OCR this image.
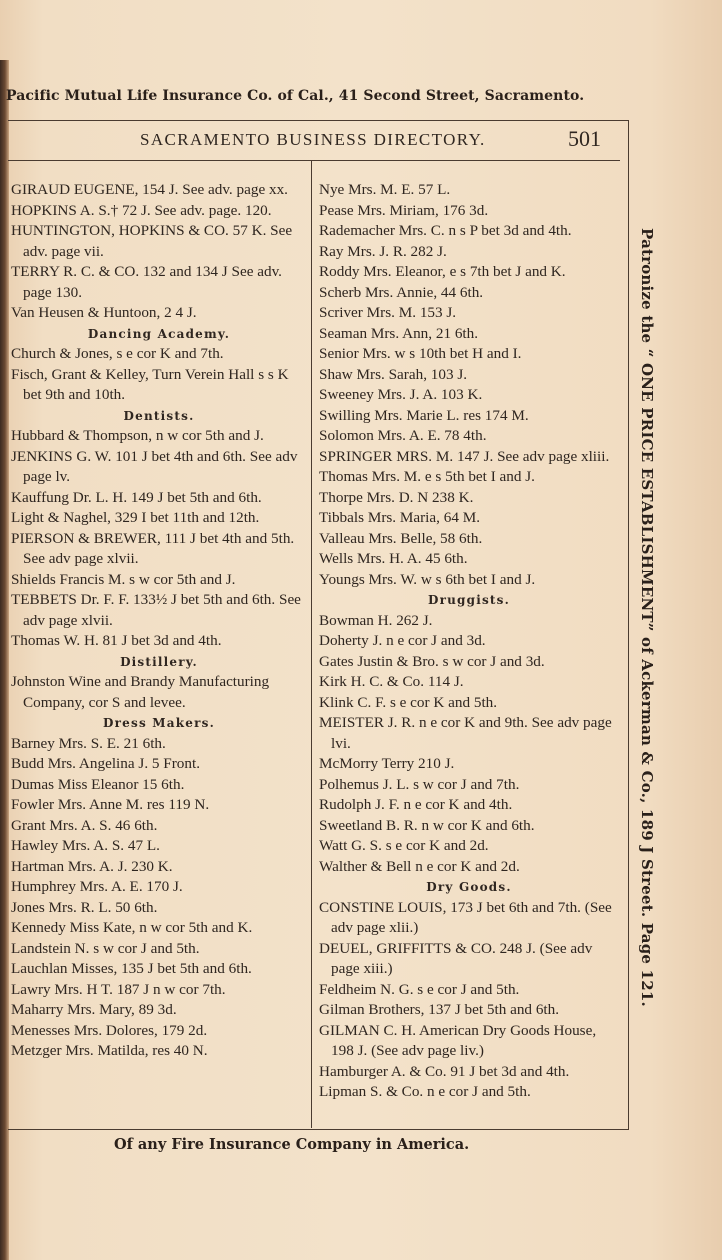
Pacific Mutual Life Insurance Co. of Cal., 41 Second Street, Sacramento.
SACRAMENTO BUSINESS DIRECTORY.	501
GIRAUD EUGENE, 154 J. See adv. page xx.
HOPKINS A. S.† 72 J. See adv. page. 120.
HUNTINGTON, HOPKINS & CO. 57 K. See adv. page vii.
TERRY R. C. & CO. 132 and 134 J See adv. page 130.
Van Heusen & Huntoon, 2 4 J.
Dancing Academy.
Church & Jones, s e cor K and 7th.
Fisch, Grant & Kelley, Turn Verein Hall s s K bet 9th and 10th.
Dentists.
Hubbard & Thompson, n w cor 5th and J.
JENKINS G. W. 101 J bet 4th and 6th. See adv page lv.
Kauffung Dr. L. H. 149 J bet 5th and 6th.
Light & Naghel, 329 I bet 11th and 12th.
PIERSON & BREWER, 111 J bet 4th and 5th. See adv page xlvii.
Shields Francis M. s w cor 5th and J.
TEBBETS Dr. F. F. 133½ J bet 5th and 6th. See adv page xlvii.
Thomas W. H. 81 J bet 3d and 4th.
Distillery.
Johnston Wine and Brandy Manufacturing Company, cor S and levee.
Dress Makers.
Barney Mrs. S. E. 21 6th.
Budd Mrs. Angelina J. 5 Front.
Dumas Miss Eleanor 15 6th.
Fowler Mrs. Anne M. res 119 N.
Grant Mrs. A. S. 46 6th.
Hawley Mrs. A. S. 47 L.
Hartman Mrs. A. J. 230 K.
Humphrey Mrs. A. E. 170 J.
Jones Mrs. R. L. 50 6th.
Kennedy Miss Kate, n w cor 5th and K.
Landstein N. s w cor J and 5th.
Lauchlan Misses, 135 J bet 5th and 6th.
Lawry Mrs. H T. 187 J n w cor 7th.
Maharry Mrs. Mary, 89 3d.
Menesses Mrs. Dolores, 179 2d.
Metzger Mrs. Matilda, res 40 N.
Nye Mrs. M. E. 57 L.
Pease Mrs. Miriam, 176 3d.
Rademacher Mrs. C. n s P bet 3d and 4th.
Ray Mrs. J. R. 282 J.
Roddy Mrs. Eleanor, e s 7th bet J and K.
Scherb Mrs. Annie, 44 6th.
Scriver Mrs. M. 153 J.
Seaman Mrs. Ann, 21 6th.
Senior Mrs. w s 10th bet H and I.
Shaw Mrs. Sarah, 103 J.
Sweeney Mrs. J. A. 103 K.
Swilling Mrs. Marie L. res 174 M.
Solomon Mrs. A. E. 78 4th.
SPRINGER MRS. M. 147 J. See adv page xliii.
Thomas Mrs. M. e s 5th bet I and J.
Thorpe Mrs. D. N 238 K.
Tibbals Mrs. Maria, 64 M.
Valleau Mrs. Belle, 58 6th.
Wells Mrs. H. A. 45 6th.
Youngs Mrs. W. w s 6th bet I and J.
Druggists.
Bowman H. 262 J.
Doherty J. n e cor J and 3d.
Gates Justin & Bro. s w cor J and 3d.
Kirk H. C. & Co. 114 J.
Klink C. F. s e cor K and 5th.
MEISTER J. R. n e cor K and 9th. See adv page lvi.
McMorry Terry 210 J.
Polhemus J. L. s w cor J and 7th.
Rudolph J. F. n e cor K and 4th.
Sweetland B. R. n w cor K and 6th.
Watt G. S. s e cor K and 2d.
Walther & Bell n e cor K and 2d.
Dry Goods.
CONSTINE LOUIS, 173 J bet 6th and 7th. (See adv page xlii.)
DEUEL, GRIFFITTS & CO. 248 J. (See adv page xiii.)
Feldheim N. G. s e cor J and 5th.
Gilman Brothers, 137 J bet 5th and 6th.
GILMAN C. H. American Dry Goods House, 198 J. (See adv page liv.)
Hamburger A. & Co. 91 J bet 3d and 4th.
Lipman S. & Co. n e cor J and 5th.
Patronize the “ ONE PRICE ESTABLISHMENT” of Ackerman & Co., 189 J Street. Page 121.
Of any Fire Insurance Company in America.
